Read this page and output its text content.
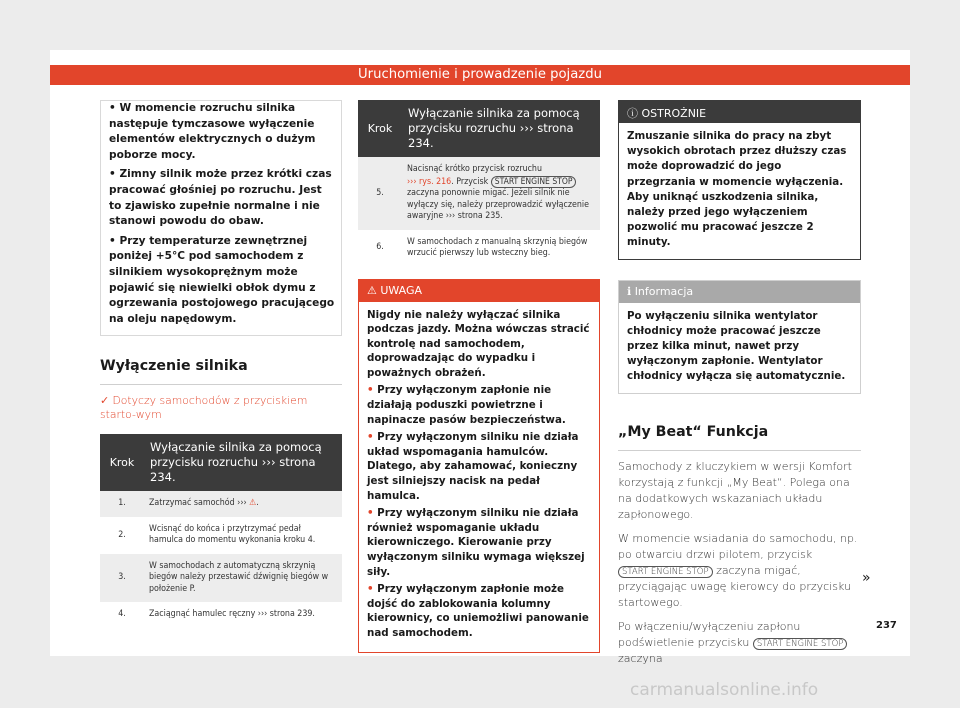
Uruchomienie i prowadzenie pojazdu

• W momencie rozruchu silnika następuje tymczasowe wyłączenie elementów elektrycznych o dużym poborze mocy.

• Zimny silnik może przez krótki czas pracować głośniej po rozruchu. Jest to zjawisko zupełnie normalne i nie stanowi powodu do obaw.

• Przy temperaturze zewnętrznej poniżej +5°C pod samochodem z silnikiem wysokoprężnym może pojawić się niewielki obłok dymu z ogrzewania postojowego pracującego na oleju napędowym.

Wyłączenie silnika

✓ Dotyczy samochodów z przyciskiem starto-wym

Krok	Wyłączanie silnika za pomocą przycisku rozruchu ››› strona 234.
1.	Zatrzymać samochód ››› ⚠.
2.	Wcisnąć do końca i przytrzymać pedał hamulca do momentu wykonania kroku 4.
3.	W samochodach z automatyczną skrzynią biegów należy przestawić dźwignię biegów w położenie P.
4.	Zaciągnąć hamulec ręczny ››› strona 239.
Krok	Wyłączanie silnika za pomocą przycisku rozruchu ››› strona 234.
5.	Nacisnąć krótko przycisk rozruchu
››› rys. 216. Przycisk START ENGINE STOP zaczyna ponownie migać. Jeżeli silnik nie wyłączy się, należy przeprowadzić wyłączenie awaryjne ››› strona 235.
6.	W samochodach z manualną skrzynią biegów wrzucić pierwszy lub wsteczny bieg.
⚠ UWAGA

Nigdy nie należy wyłączać silnika podczas jazdy. Można wówczas stracić kontrolę nad samochodem, doprowadzając do wypadku i poważnych obrażeń.

• Przy wyłączonym zapłonie nie działają poduszki powietrzne i napinacze pasów bezpieczeństwa.

• Przy wyłączonym silniku nie działa układ wspomagania hamulców. Dlatego, aby zahamować, konieczny jest silniejszy nacisk na pedał hamulca.

• Przy wyłączonym silniku nie działa również wspomaganie układu kierowniczego. Kierowanie przy wyłączonym silniku wymaga większej siły.

• Przy wyłączonym zapłonie może dojść do zablokowania kolumny kierownicy, co uniemożliwi panowanie nad samochodem.

ⓘ OSTROŻNIE
Zmuszanie silnika do pracy na zbyt wysokich obrotach przez dłuższy czas może doprowadzić do jego przegrzania w momencie wyłączenia. Aby uniknąć uszkodzenia silnika, należy przed jego wyłączeniem pozwolić mu pracować jeszcze 2 minuty.
ℹ Informacja
Po wyłączeniu silnika wentylator chłodnicy może pracować jeszcze przez kilka minut, nawet przy wyłączonym zapłonie. Wentylator chłodnicy wyłącza się automatycznie.
„My Beat“ Funkcja

Samochody z kluczykiem w wersji Komfort korzystają z funkcji „My Beat“. Polega ona na dodatkowych wskazaniach układu zapłonowego.

W momencie wsiadania do samochodu, np. po otwarciu drzwi pilotem, przycisk START ENGINE STOP zaczyna migać, przyciągając uwagę kierowcy do przycisku startowego.

Po włączeniu/wyłączeniu zapłonu podświetlenie przycisku START ENGINE STOP zaczyna

»
237
carmanualsonline.info
